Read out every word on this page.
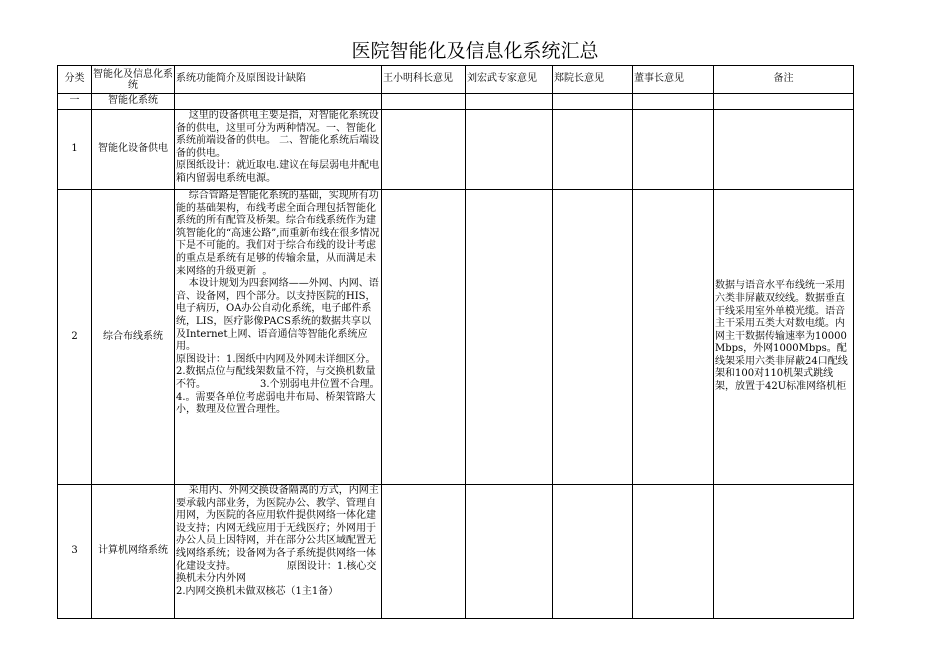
医院智能化及信息化系统汇总
分类	智能化及信息化系统	系统功能简介及原图设计缺陷	王小明科长意见	刘宏武专家意见	郑院长意见	董事长意见	备注
一	智能化系统						
1	智能化设备供电	这里的设备供电主要是指，对智能化系统设备的供电，这里可分为两种情况。一、智能化系统前端设备的供电。 二、智能化系统后端设备的供电。
原图纸设计：就近取电.建议在每层弱电井配电箱内留弱电系统电源。					

2	综合布线系统	综合管路是智能化系统的基础，实现所有功能的基础架构，布线考虑全面合理包括智能化系统的所有配管及桥架。综合布线系统作为建筑智能化的“高速公路”,而重新布线在很多情况下是不可能的。我们对于综合布线的设计考虑的重点是系统有足够的传输余量，从而满足未来网络的升级更新  。
本设计规划为四套网络——外网、内网、语音、设备网，四个部分。以支持医院的HIS，电子病历，OA办公自动化系统，电子邮件系统，LIS，医疗影像PACS系统的数据共享以及Internet上网、语音通信等智能化系统应用。
原图设计：1.图纸中内网及外网未详细区分。
2.数据点位与配线架数量不符，与交换机数量不符。                 3.个别弱电井位置不合理。4.。需要各单位考虑弱电井布局、桥架管路大小，数理及位置合理性。					数据与语音水平布线统一采用六类非屏蔽双绞线。数据垂直干线采用室外单模光缆。语音主干采用五类大对数电缆。内网主干数据传输速率为10000Mbps，外网1000Mbps。配线架采用六类非屏蔽24口配线架和100对110机架式跳线架，放置于42U标准网络机柜
3	计算机网络系统	采用内、外网交换设备隔离的方式，内网主要承载内部业务，为医院办公、教学、管理自用网，为医院的各应用软件提供网络一体化建设支持；内网无线应用于无线医疗；外网用于办公人员上因特网，并在部分公共区域配置无线网络系统；设备网为各子系统提供网络一体化建设支持。                原图设计：1.核心交换机未分内外网
2.内网交换机未做双核芯（1主1备）					
